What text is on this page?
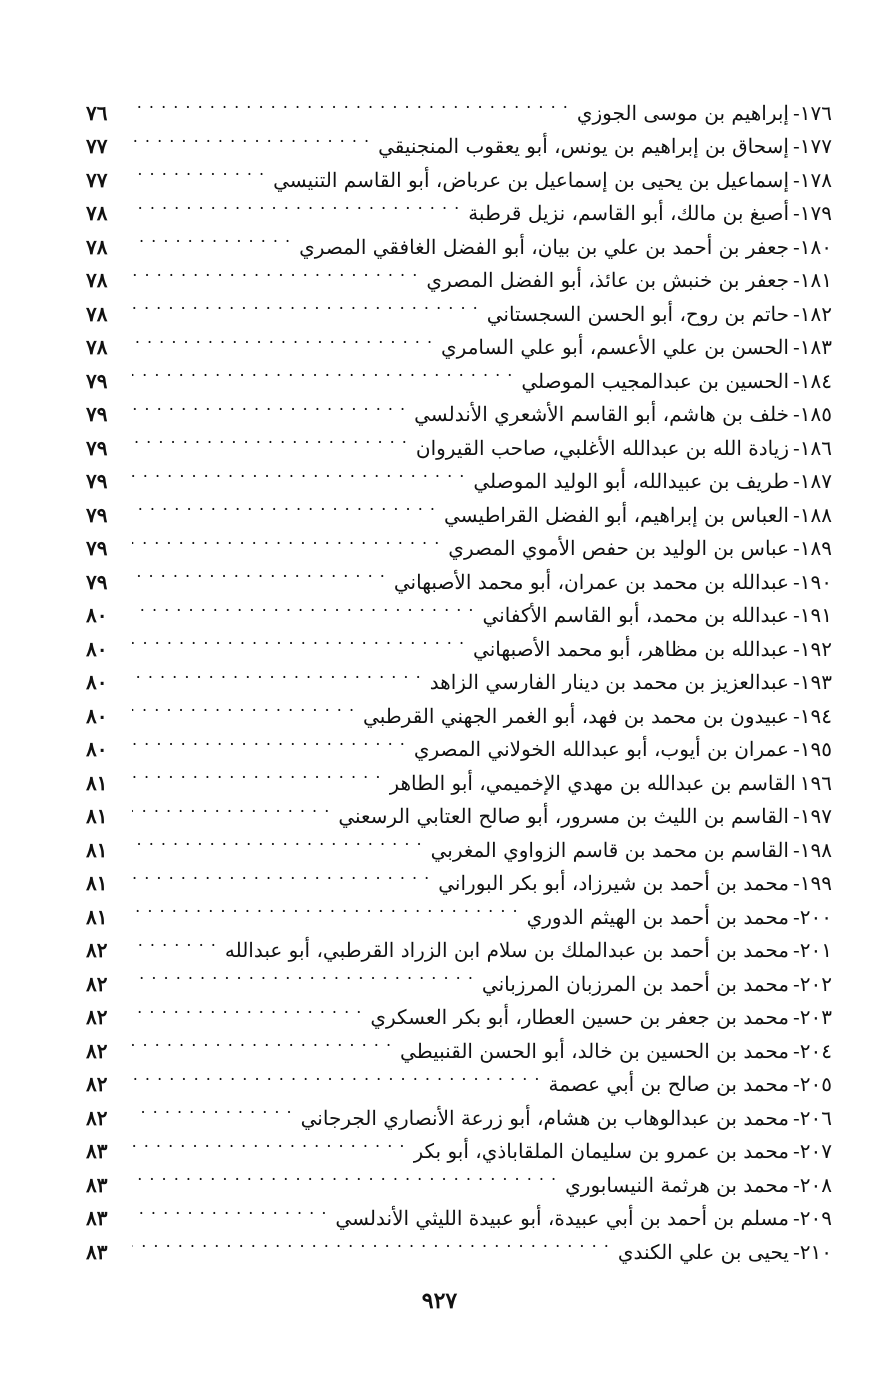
١٧٦
-
إبراهيم بن موسى الجوزي
. . .
٧٦
١٧٧
-
إسحاق بن إبراهيم بن يونس، أبو يعقوب المنجنيقي
. . .
٧٧
١٧٨
-
إسماعيل بن يحيى بن إسماعيل بن عرباض، أبو القاسم التنيسي
. . .
٧٧
١٧٩
-
أصبغ بن مالك، أبو القاسم، نزيل قرطبة
. . .
٧٨
١٨٠
-
جعفر بن أحمد بن علي بن بيان، أبو الفضل الغافقي المصري
. . .
٧٨
١٨١
-
جعفر بن خنبش بن عائذ، أبو الفضل المصري
. . .
٧٨
١٨٢
-
حاتم بن روح، أبو الحسن السجستاني
. . .
٧٨
١٨٣
-
الحسن بن علي الأعسم، أبو علي السامري
. . .
٧٨
١٨٤
-
الحسين بن عبدالمجيب الموصلي
. . .
٧٩
١٨٥
-
خلف بن هاشم، أبو القاسم الأشعري الأندلسي
. . .
٧٩
١٨٦
-
زيادة الله بن عبدالله الأغلبي، صاحب القيروان
. . .
٧٩
١٨٧
-
طريف بن عبيدالله، أبو الوليد الموصلي
. . .
٧٩
١٨٨
-
العباس بن إبراهيم، أبو الفضل القراطيسي
. . .
٧٩
١٨٩
-
عباس بن الوليد بن حفص الأموي المصري
. . .
٧٩
١٩٠
-
عبدالله بن محمد بن عمران، أبو محمد الأصبهاني
. . .
٧٩
١٩١
-
عبدالله بن محمد، أبو القاسم الأكفاني
. . .
٨٠
١٩٢
-
عبدالله بن مظاهر، أبو محمد الأصبهاني
. . .
٨٠
١٩٣
-
عبدالعزيز بن محمد بن دينار الفارسي الزاهد
. . .
٨٠
١٩٤
-
عبيدون بن محمد بن فهد، أبو الغمر الجهني القرطبي
. . .
٨٠
١٩٥
-
عمران بن أيوب، أبو عبدالله الخولاني المصري
. . .
٨٠
١٩٦
القاسم بن عبدالله بن مهدي الإخميمي، أبو الطاهر
. . .
٨١
١٩٧
-
القاسم بن الليث بن مسرور، أبو صالح العتابي الرسعني
. . .
٨١
١٩٨
-
القاسم بن محمد بن قاسم الزواوي المغربي
. . .
٨١
١٩٩
-
محمد بن أحمد بن شيرزاد، أبو بكر البوراني
. . .
٨١
٢٠٠
-
محمد بن أحمد بن الهيثم الدوري
. . .
٨١
٢٠١
-
محمد بن أحمد بن عبدالملك بن سلام ابن الزراد القرطبي، أبو عبدالله
. . .
٨٢
٢٠٢
-
محمد بن أحمد بن المرزبان المرزباني
. . .
٨٢
٢٠٣
-
محمد بن جعفر بن حسين العطار، أبو بكر العسكري
. . .
٨٢
٢٠٤
-
محمد بن الحسين بن خالد، أبو الحسن القنبيطي
. . .
٨٢
٢٠٥
-
محمد بن صالح بن أبي عصمة
. . .
٨٢
٢٠٦
-
محمد بن عبدالوهاب بن هشام، أبو زرعة الأنصاري الجرجاني
. . .
٨٢
٢٠٧
-
محمد بن عمرو بن سليمان الملقاباذي، أبو بكر
. . .
٨٣
٢٠٨
-
محمد بن هرثمة النيسابوري
. . .
٨٣
٢٠٩
-
مسلم بن أحمد بن أبي عبيدة، أبو عبيدة الليثي الأندلسي
. . .
٨٣
٢١٠
-
يحيى بن علي الكندي
. . .
٨٣
٩٢٧
